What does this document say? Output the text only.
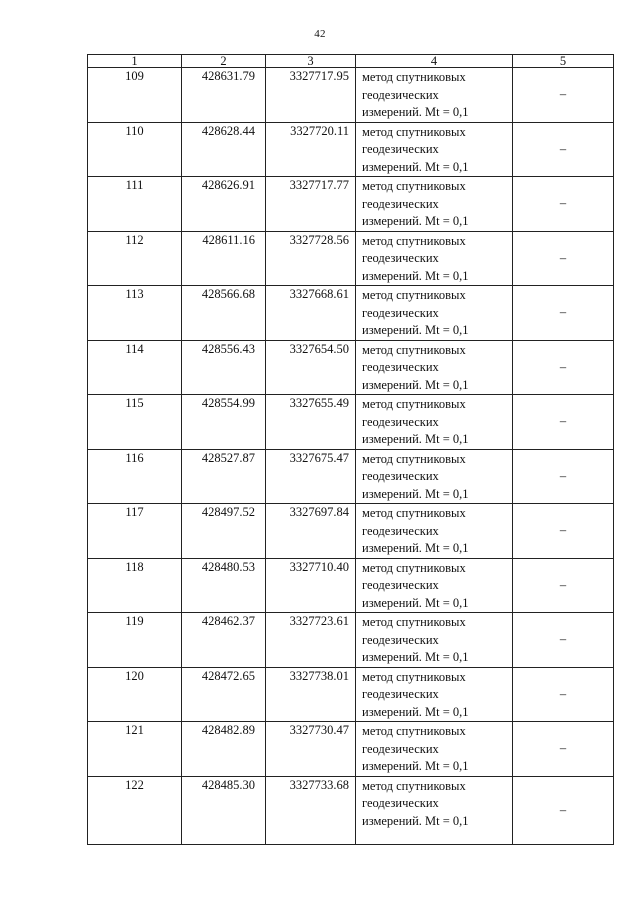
42
1	2	3	4	5
109	428631.79	3327717.95	метод спутниковых
геодезических
измерений. Mt = 0,1	–
110	428628.44	3327720.11	метод спутниковых
геодезических
измерений. Mt = 0,1	–
111	428626.91	3327717.77	метод спутниковых
геодезических
измерений. Mt = 0,1	–
112	428611.16	3327728.56	метод спутниковых
геодезических
измерений. Mt = 0,1	–
113	428566.68	3327668.61	метод спутниковых
геодезических
измерений. Mt = 0,1	–
114	428556.43	3327654.50	метод спутниковых
геодезических
измерений. Mt = 0,1	–
115	428554.99	3327655.49	метод спутниковых
геодезических
измерений. Mt = 0,1	–
116	428527.87	3327675.47	метод спутниковых
геодезических
измерений. Mt = 0,1	–
117	428497.52	3327697.84	метод спутниковых
геодезических
измерений. Mt = 0,1	–
118	428480.53	3327710.40	метод спутниковых
геодезических
измерений. Mt = 0,1	–
119	428462.37	3327723.61	метод спутниковых
геодезических
измерений. Mt = 0,1	–
120	428472.65	3327738.01	метод спутниковых
геодезических
измерений. Mt = 0,1	–
121	428482.89	3327730.47	метод спутниковых
геодезических
измерений. Mt = 0,1	–
122	428485.30	3327733.68	метод спутниковых
геодезических
измерений. Mt = 0,1	–
